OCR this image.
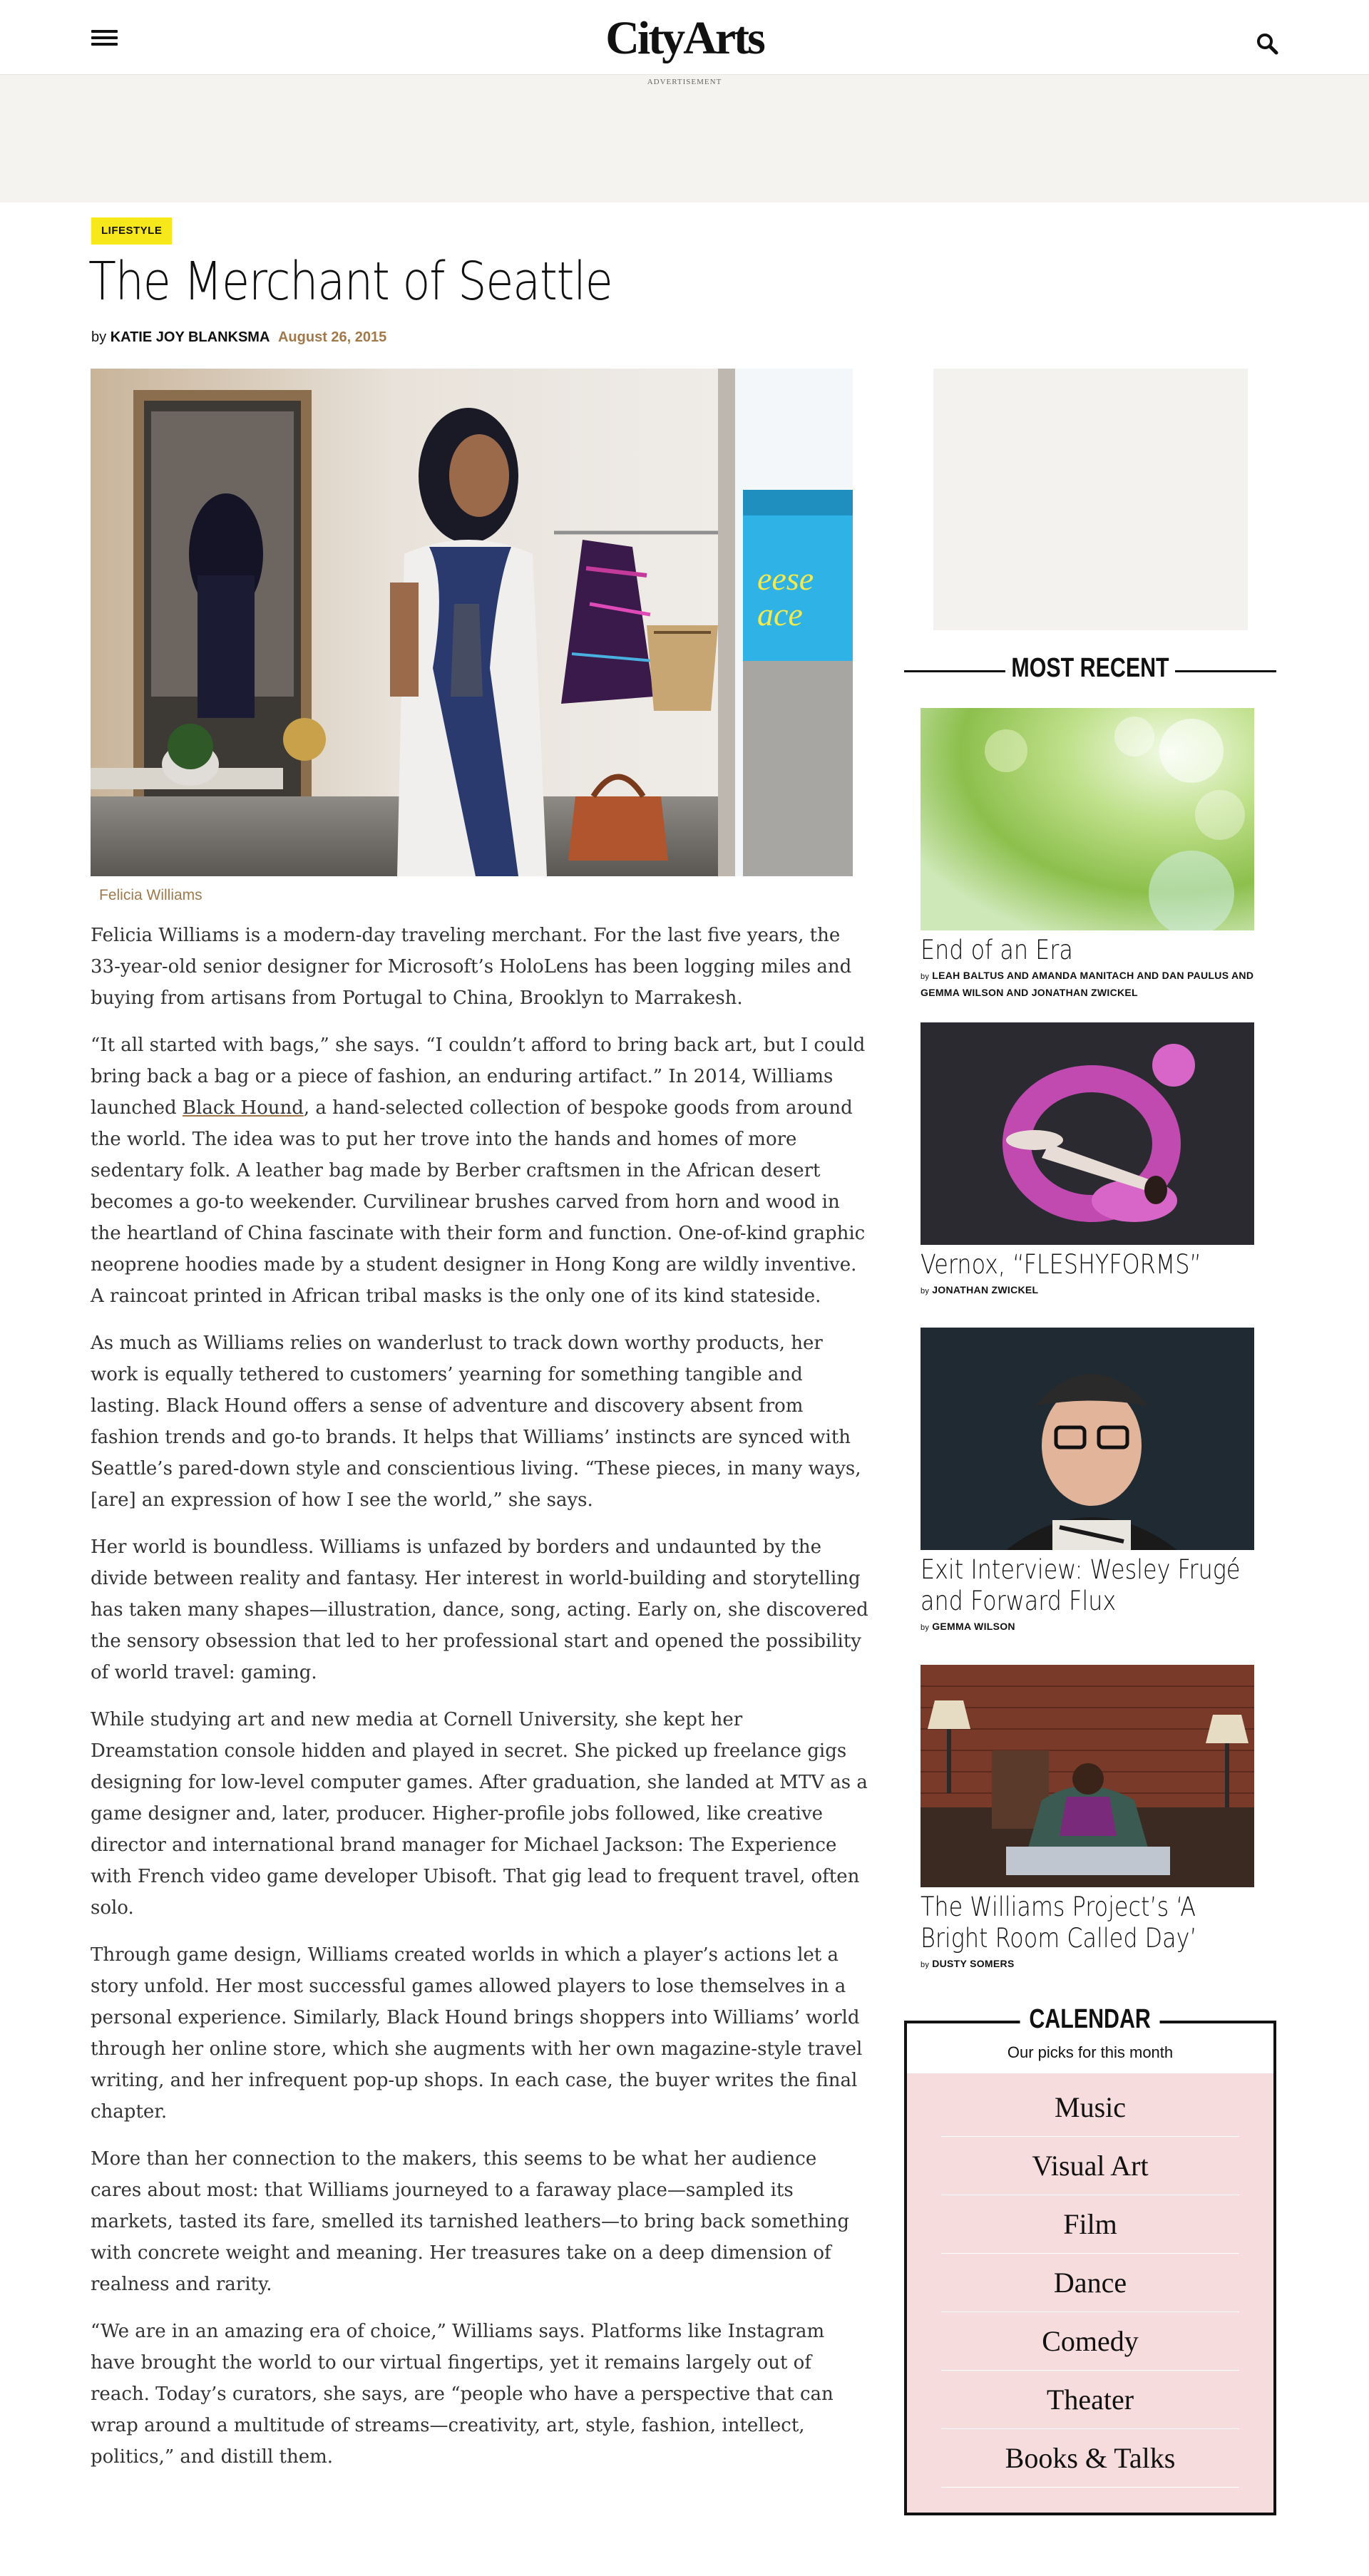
CityArts
ADVERTISEMENT
LIFESTYLE
The Merchant of Seattle
by KATIE JOY BLANKSMA August 26, 2015
eese
ace
Felicia Williams

Felicia Williams is a modern-day traveling merchant. For the last five years, the 33-year-old senior designer for Microsoft’s HoloLens has been logging miles and buying from artisans from Portugal to China, Brooklyn to Marrakesh.

“It all started with bags,” she says. “I couldn’t afford to bring back art, but I could bring back a bag or a piece of fashion, an enduring artifact.” In 2014, Williams launched Black Hound, a hand-selected collection of bespoke goods from around the world. The idea was to put her trove into the hands and homes of more sedentary folk. A leather bag made by Berber craftsmen in the African desert becomes a go-to weekender. Curvilinear brushes carved from horn and wood in the heartland of China fascinate with their form and function. One-of-kind graphic neoprene hoodies made by a student designer in Hong Kong are wildly inventive. A raincoat printed in African tribal masks is the only one of its kind stateside.

As much as Williams relies on wanderlust to track down worthy products, her work is equally tethered to customers’ yearning for something tangible and lasting. Black Hound offers a sense of adventure and discovery absent from fashion trends and go-to brands. It helps that Williams’ instincts are synced with Seattle’s pared-down style and conscientious living. “These pieces, in many ways, [are] an expression of how I see the world,” she says.

Her world is boundless. Williams is unfazed by borders and undaunted by the divide between reality and fantasy. Her interest in world-building and storytelling has taken many shapes—illustration, dance, song, acting. Early on, she discovered the sensory obsession that led to her professional start and opened the possibility of world travel: gaming.

While studying art and new media at Cornell University, she kept her Dreamstation console hidden and played in secret. She picked up freelance gigs designing for low-level computer games. After graduation, she landed at MTV as a game designer and, later, producer. Higher-profile jobs followed, like creative director and international brand manager for Michael Jackson: The Experience with French video game developer Ubisoft. That gig lead to frequent travel, often solo.

Through game design, Williams created worlds in which a player’s actions let a story unfold. Her most successful games allowed players to lose themselves in a personal experience. Similarly, Black Hound brings shoppers into Williams’ world through her online store, which she augments with her own magazine-style travel writing, and her infrequent pop-up shops. In each case, the buyer writes the final chapter.

More than her connection to the makers, this seems to be what her audience cares about most: that Williams journeyed to a faraway place—sampled its markets, tasted its fare, smelled its tarnished leathers—to bring back something with concrete weight and meaning. Her treasures take on a deep dimension of realness and rarity.

“We are in an amazing era of choice,” Williams says. Platforms like Instagram have brought the world to our virtual fingertips, yet it remains largely out of reach. Today’s curators, she says, are “people who have a perspective that can wrap around a multitude of streams—creativity, art, style, fashion, intellect, politics,” and distill them.

MOST RECENT
End of an Era
by LEAH BALTUS AND AMANDA MANITACH AND DAN PAULUS AND GEMMA WILSON AND JONATHAN ZWICKEL
Vernox, “FLESHYFORMS”
by JONATHAN ZWICKEL
Exit Interview: Wesley Frugé and Forward Flux
by GEMMA WILSON
The Williams Project’s ‘A Bright Room Called Day’
by DUSTY SOMERS
CALENDAR
Our picks for this month
Music
Visual Art
Film
Dance
Comedy
Theater
Books & Talks
